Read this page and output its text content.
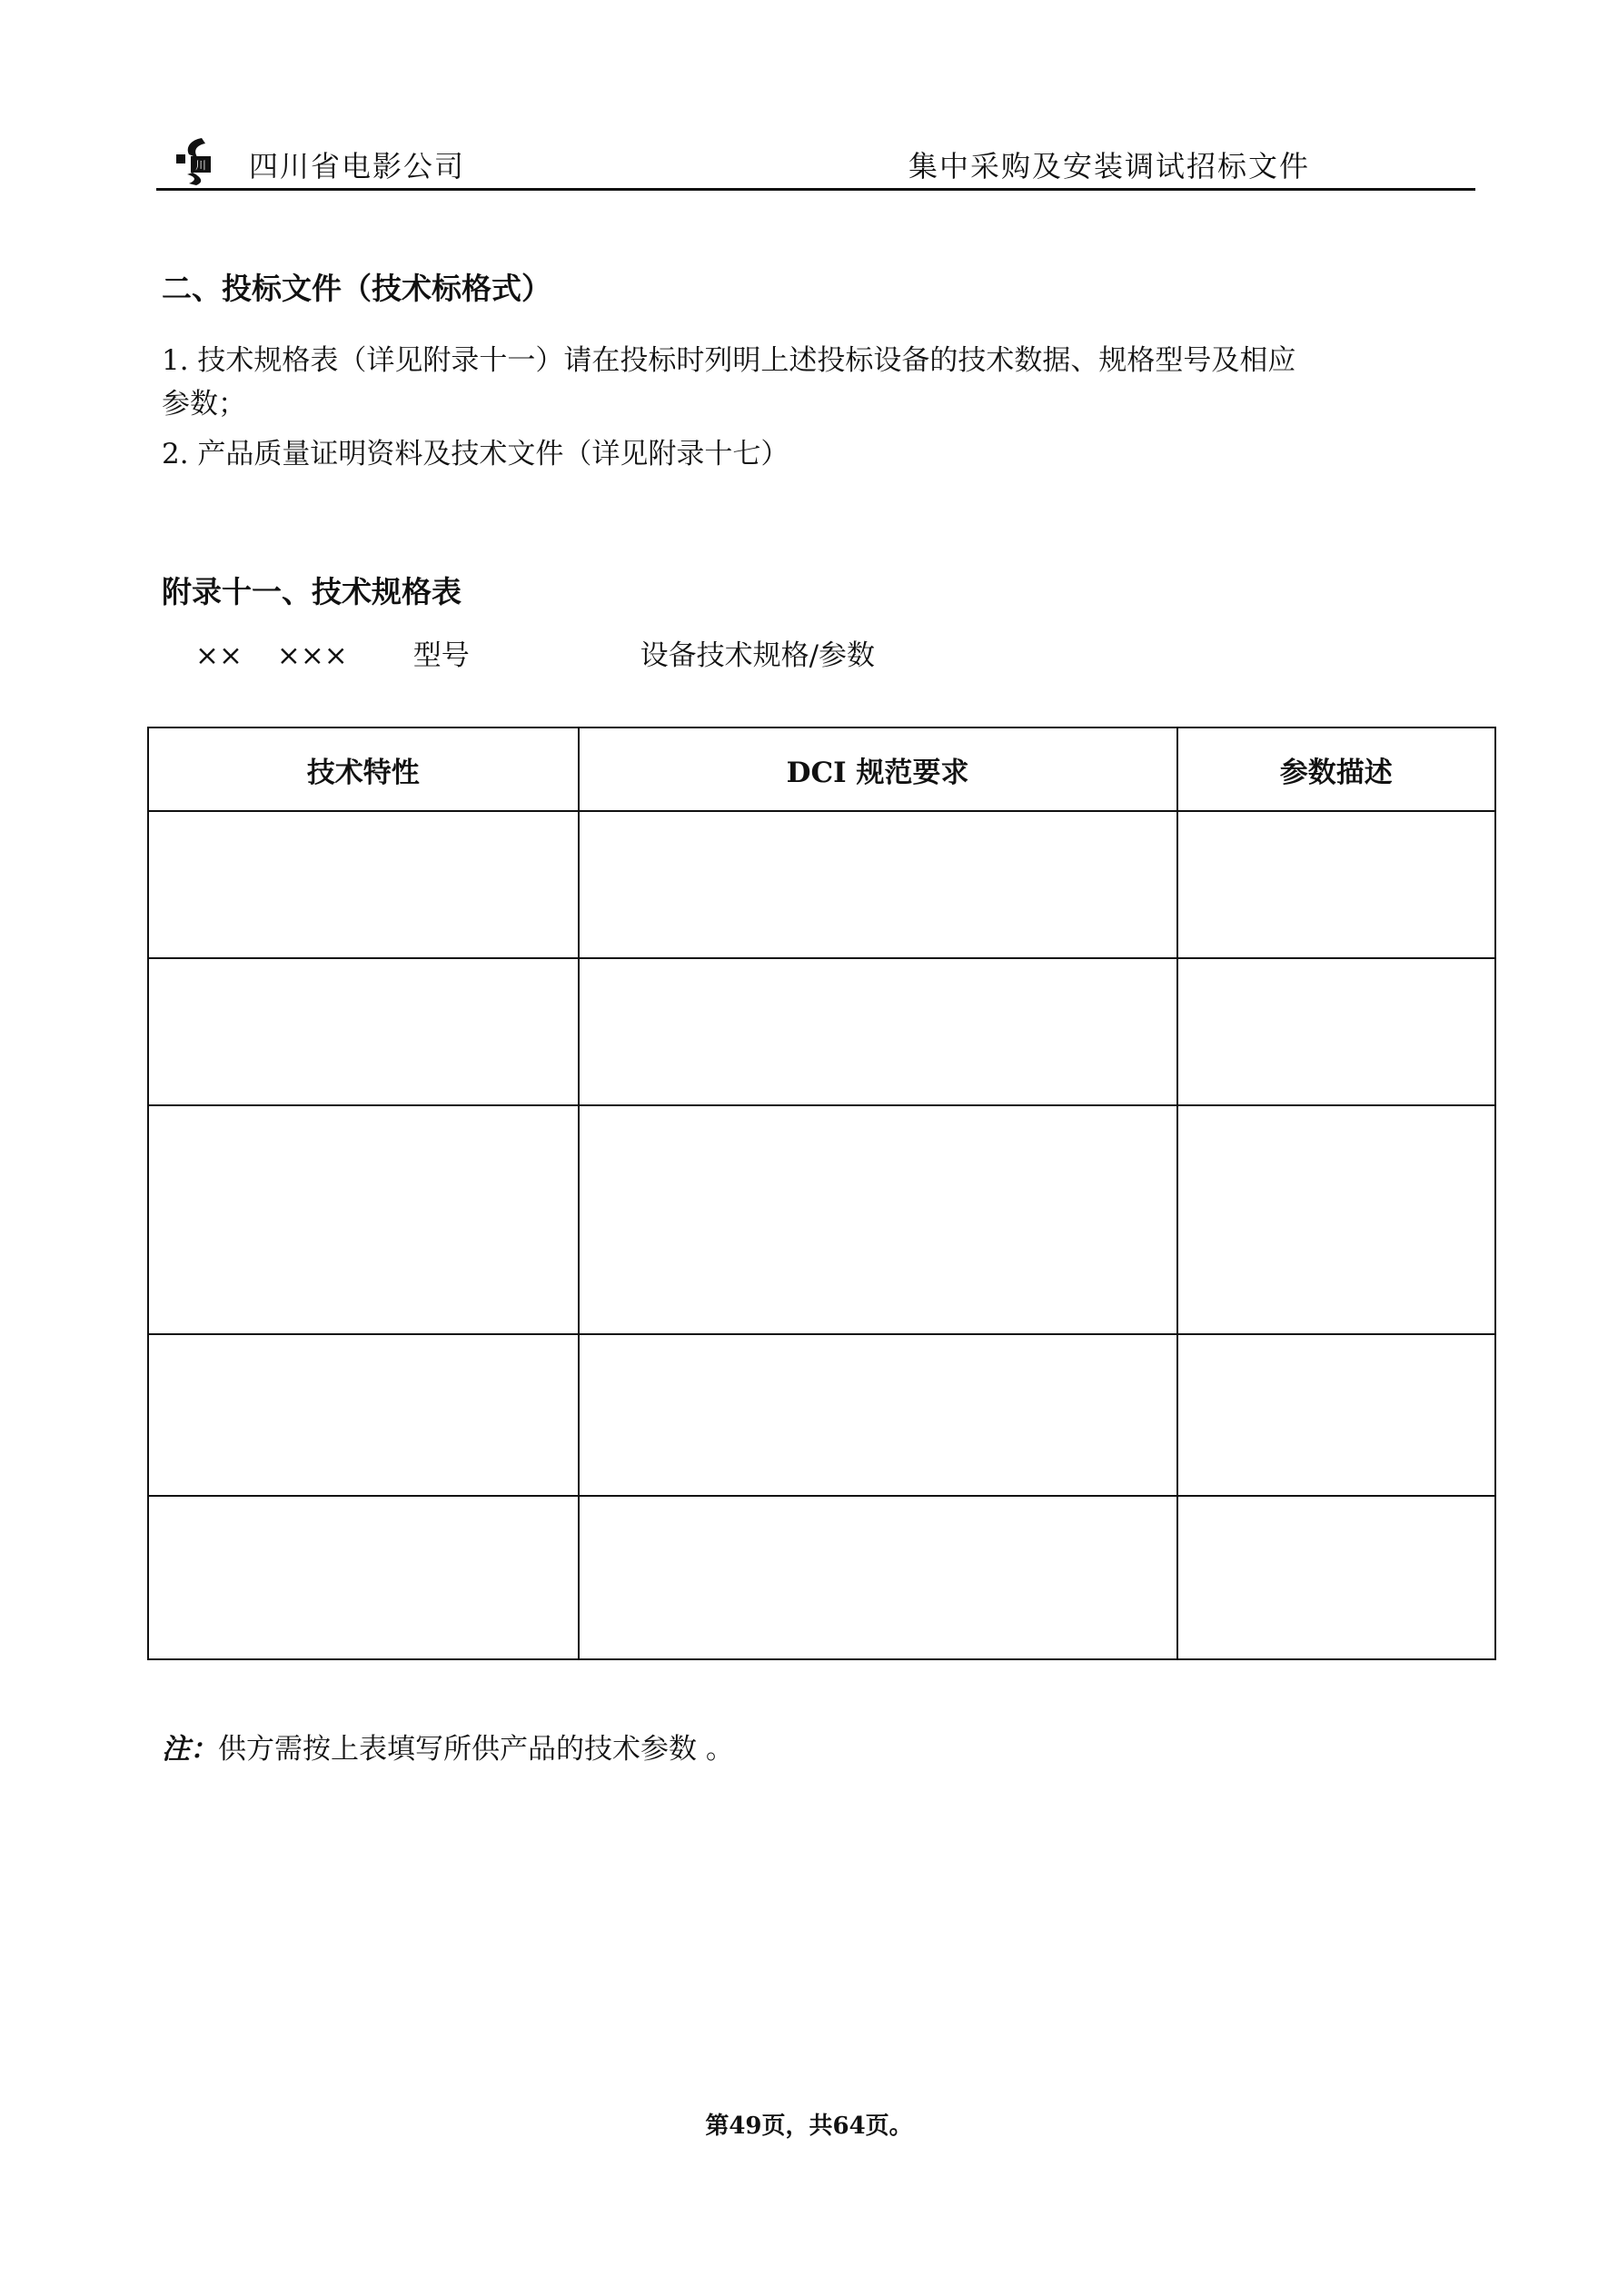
川 四川省电影公司	集中采购及安装调试招标文件
二、投标文件（技术标格式）
1. 技术规格表（详见附录十一）请在投标时列明上述投标设备的技术数据、规格型号及相应
参数；
2. 产品质量证明资料及技术文件（详见附录十七）
附录十一、技术规格表
×× ××× 型号	设备技术规格/参数
技术特性	DCI 规范要求	参数描述

注：供方需按上表填写所供产品的技术参数 。
第49页，共64页。
